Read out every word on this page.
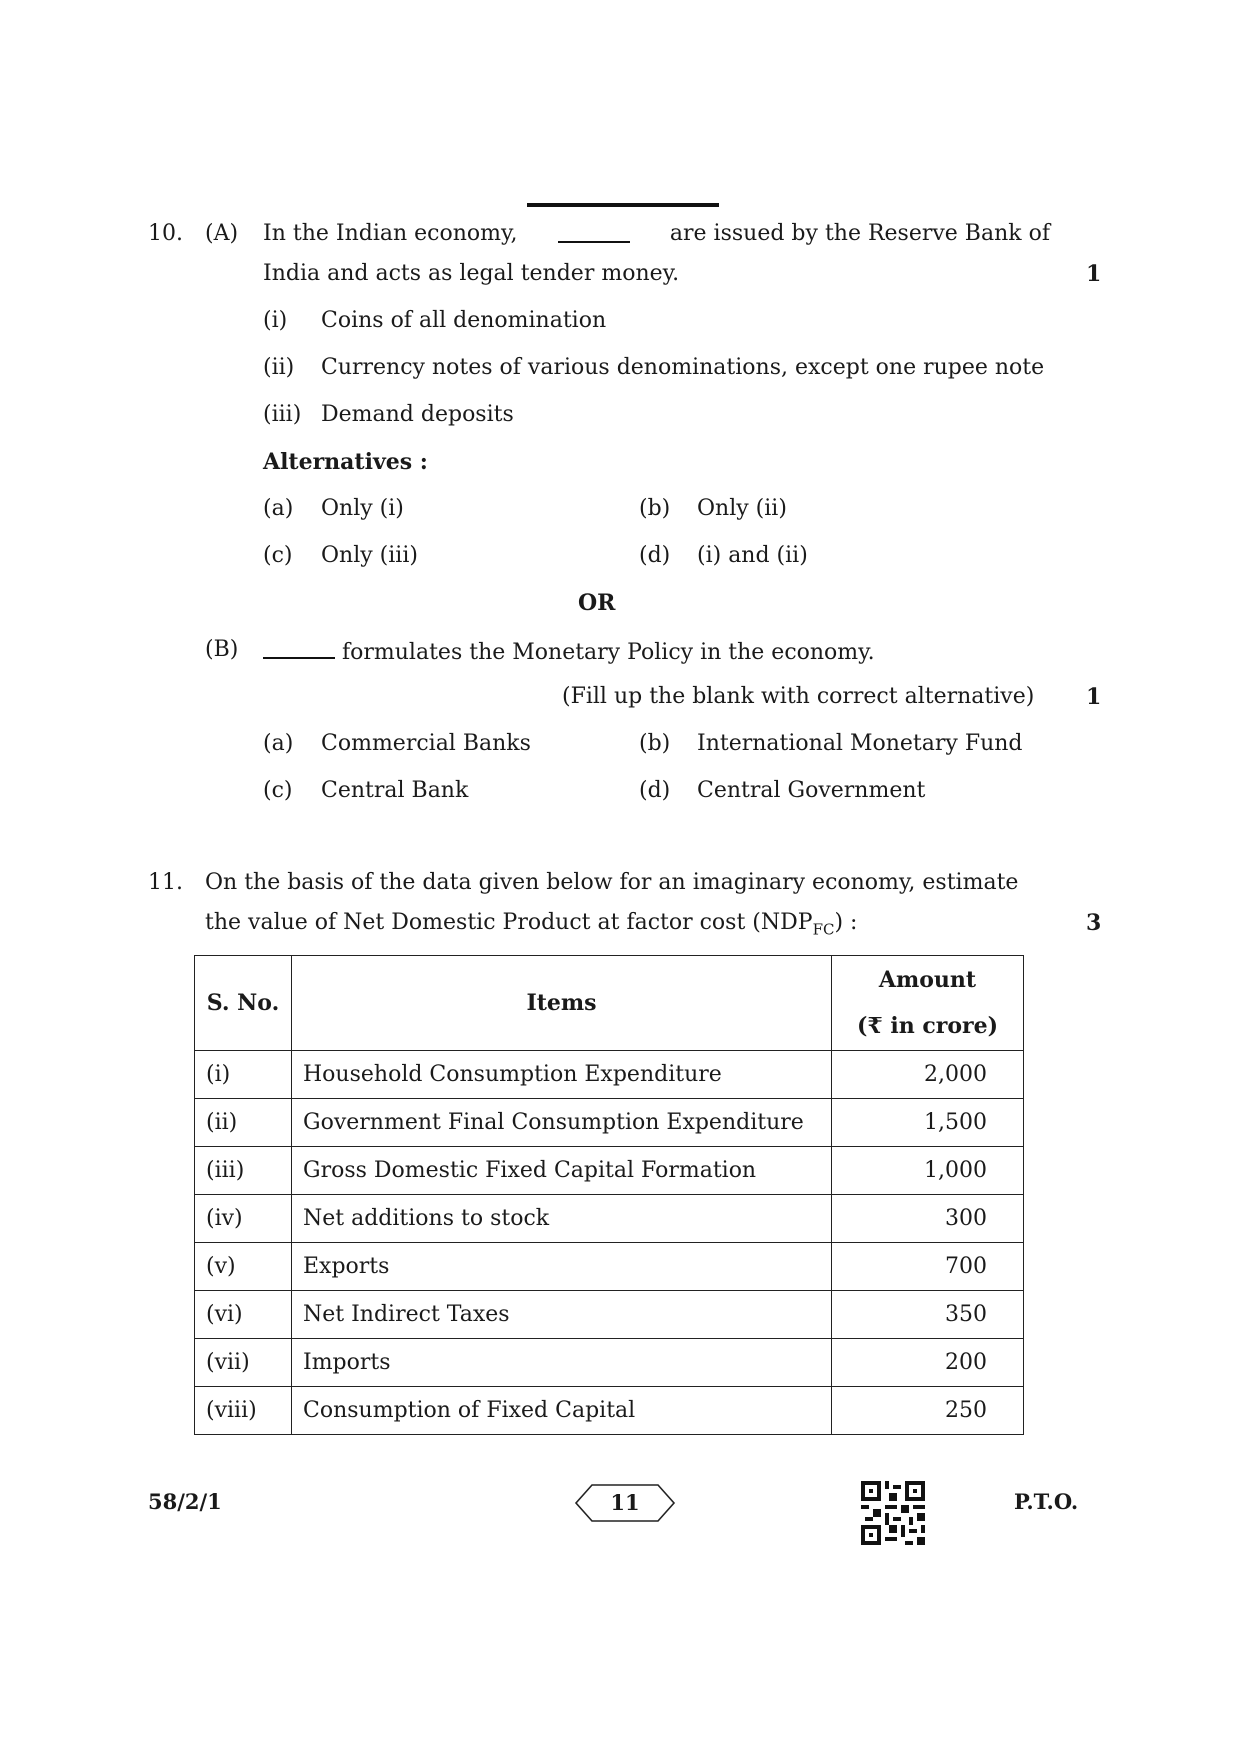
10. (A) In the Indian economy,	are issued by the Reserve Bank of
India and acts as legal tender money.	1
(i) Coins of all denomination
(ii) Currency notes of various denominations, except one rupee note
(iii) Demand deposits
Alternatives :
(a) Only (i)	(b) Only (ii)
(c) Only (iii)	(d) (i) and (ii)
OR
(B)	formulates the Monetary Policy in the economy.
(Fill up the blank with correct alternative) 1
(a) Commercial Banks	(b) International Monetary Fund
(c) Central Bank	(d) Central Government
11. On the basis of the data given below for an imaginary economy, estimate
the value of Net Domestic Product at factor cost $(NDP_{FC})$ :	3
S. No.	Items	Amount
(₹ in crore)

(i)	Household Consumption Expenditure	2,000
(ii)	Government Final Consumption Expenditure	1,500
(iii)	Gross Domestic Fixed Capital Formation	1,000
(iv)	Net additions to stock	300
(v)	Exports	700
(vi)	Net Indirect Taxes	350
(vii)	Imports	200
(viii)	Consumption of Fixed Capital	250
58/2/1	11	P.T.O.
